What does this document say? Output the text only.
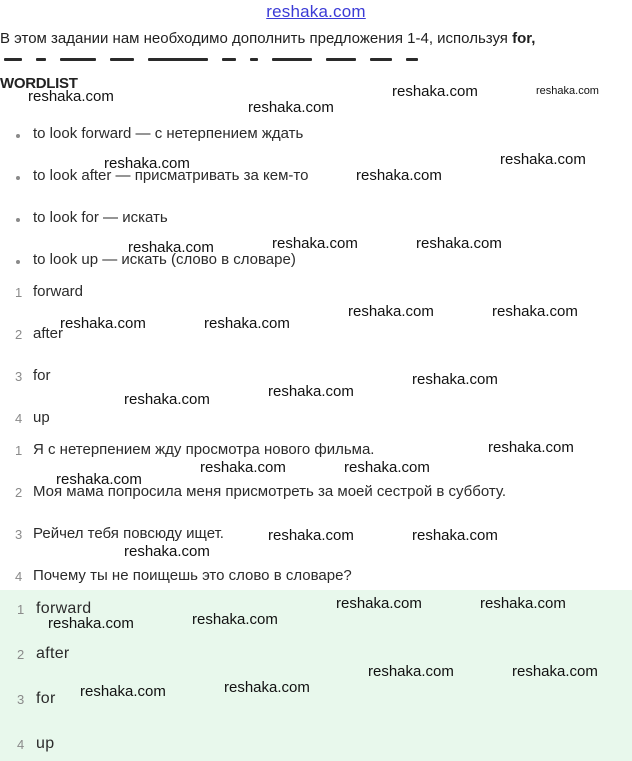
reshaka.com
В этом задании нам необходимо дополнить предложения 1-4, используя for,
WORDLIST
to look forward — с нетерпением ждать
to look after — присматривать за кем-то
to look for — искать
to look up — искать (слово в словаре)
1 forward
2 after
3 for
4 up
1 Я с нетерпением жду просмотра нового фильма.
2 Моя мама попросила меня присмотреть за моей сестрой в субботу.
3 Рейчел тебя повсюду ищет.
4 Почему ты не поищешь это слово в словаре?
1 forward
2 after
3 for
4 up
reshaka.com
reshaka.com
reshaka.com	reshaka.com
reshaka.com
reshaka.com
reshaka.com
reshaka.com	reshaka.com	reshaka.com
reshaka.com	reshaka.com
reshaka.com	reshaka.com
reshaka.com	reshaka.com
reshaka.com
reshaka.com
reshaka.com	reshaka.com
reshaka.com
reshaka.com
reshaka.com	reshaka.com
reshaka.com	reshaka.com
reshaka.com	reshaka.com
reshaka.com	reshaka.com
reshaka.com	reshaka.com
